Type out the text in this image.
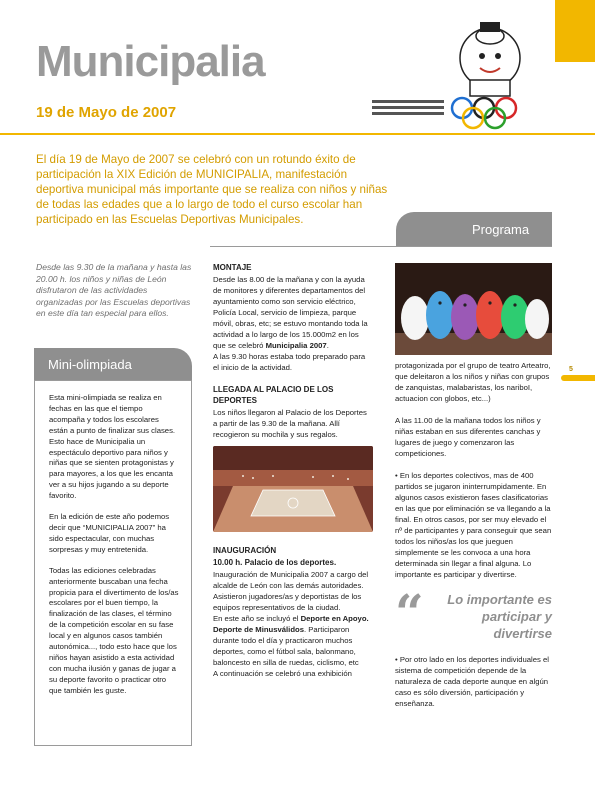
Municipalia
19 de Mayo de 2007

El día 19 de Mayo de 2007 se celebró con un rotundo éxito de participación la XIX Edición de MUNICIPALIA, manifestación deportiva municipal más importante que se realiza con niños y niñas de todas las edades que a lo largo de todo el curso escolar han participado en las Escuelas Deportivas Municipales.

Programa

Desde las 9.30 de la mañana y hasta las 20.00 h. los niños y niñas de León disfrutaron de las actividades organizadas por las Escuelas deportivas en este día tan especial para ellos.

Mini-olimpiada

Esta mini-olimpiada se realiza en fechas en las que el tiempo acompaña y todos los escolares están a punto de finalizar sus clases. Esto hace de Municipalia un espectáculo deportivo para niños y niñas que se sienten protagonistas y para mayores, a los que les encanta ver a su hijos jugando a su deporte favorito.

En la edición de este año podemos decir que “MUNICIPALIA 2007” ha sido espectacular, con muchas sorpresas y muy entretenida.

Todas las ediciones celebradas anteriormente buscaban una fecha propicia para el divertimento de los/as escolares por el buen tiempo, la finalización de las clases, el término de la competición escolar en su fase local y en algunos casos también autonómica..., todo esto hace que los niños hayan asistido a esta actividad con mucha ilusión y ganas de jugar a su deporte favorito o practicar otro que también les guste.

MONTAJE

Desde las 8.00 de la mañana y con la ayuda de monitores y diferentes departamentos del ayuntamiento como son servicio eléctrico, Policía Local, servicio de limpieza, parque móvil, obras, etc; se estuvo montando toda la actividad a lo largo de los 15.000m2 en los que se celebró Municipalia 2007.

A las 9.30 horas estaba todo preparado para el inicio de la actividad.

LLEGADA AL PALACIO DE LOS DEPORTES

Los niños llegaron al Palacio de los Deportes a partir de las 9.30 de la mañana. Allí recogieron su mochila y sus regalos.

INAUGURACIÓN
10.00 h. Palacio de los deportes.

Inauguración de Municipalia 2007 a cargo del alcalde de León con las demás autoridades.

Asistieron jugadores/as y deportistas de los equipos representativos de la ciudad.

En este año se incluyó el Deporte en Apoyo. Deporte de Minusválidos. Participaron durante todo el día y practicaron muchos deportes, como el fútbol sala, balonmano, baloncesto en silla de ruedas, ciclismo, etc

A continuación se celebró una exhibición

protagonizada por el grupo de teatro Arteatro, que deleitaron a los niños y niñas con grupos de zanquistas, malabaristas, los nariboI, actuacion con globos, etc...)

A las 11.00 de la mañana todos los niños y niñas estaban en sus diferentes canchas y lugares de juego y comenzaron las competiciones.

• En los deportes colectivos, mas de 400 partidos se jugaron ininterrumpidamente. En algunos casos existieron fases clasificatorias en las que por eliminación se va llegando a la final. En otros casos, por ser muy elevado el nº de participantes y para conseguir que sean todos los niños/as los que jueguen simplemente se les convoca a una hora determinada sin llegar a final alguna. Lo importante es participar y divertirse.

“	Lo importante es participar y divertirse

• Por otro lado en los deportes individuales el sistema de competición depende de la naturaleza de cada deporte aunque en algún caso es sólo diversión, participación y enseñanza.

5
